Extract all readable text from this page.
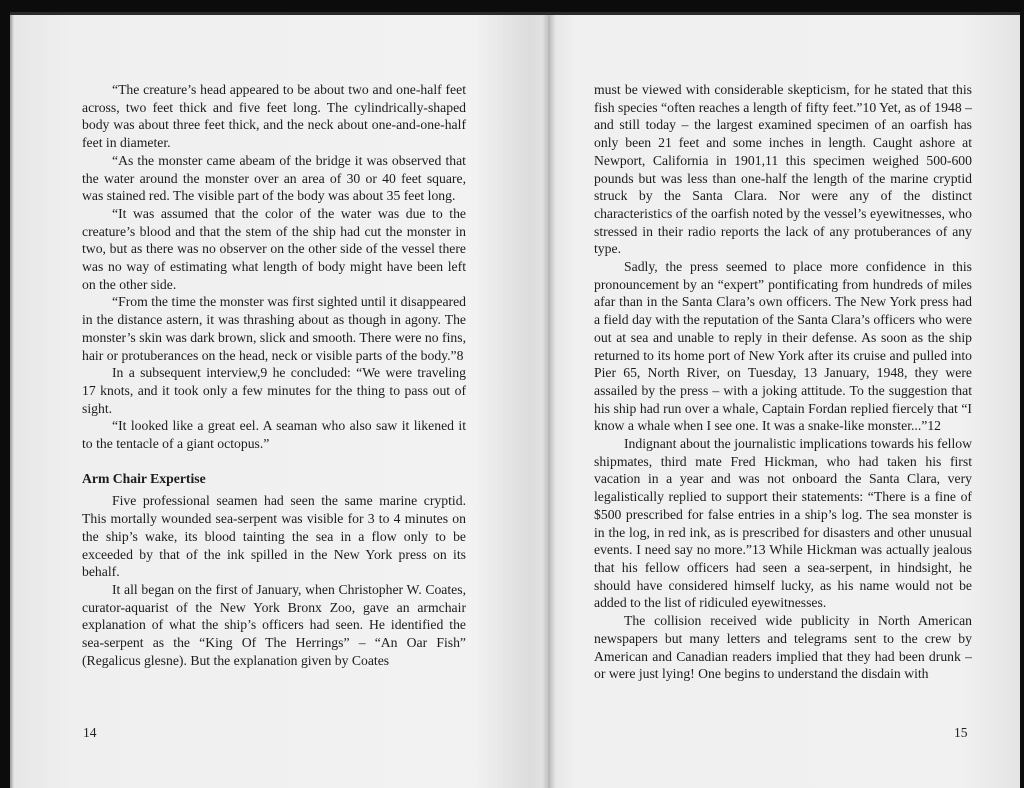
“The creature’s head appeared to be about two and one-half feet across, two feet thick and five feet long. The cylindrically-shaped body was about three feet thick, and the neck about one-and-one-half feet in diameter.

“As the monster came abeam of the bridge it was observed that the water around the monster over an area of 30 or 40 feet square, was stained red. The visible part of the body was about 35 feet long.

“It was assumed that the color of the water was due to the creature’s blood and that the stem of the ship had cut the monster in two, but as there was no observer on the other side of the vessel there was no way of estimating what length of body might have been left on the other side.

“From the time the monster was first sighted until it disappeared in the distance astern, it was thrashing about as though in agony. The monster’s skin was dark brown, slick and smooth. There were no fins, hair or protuberances on the head, neck or visible parts of the body.”8

In a subsequent interview,9 he concluded: “We were traveling 17 knots, and it took only a few minutes for the thing to pass out of sight.

“It looked like a great eel. A seaman who also saw it likened it to the tentacle of a giant octopus.”

Arm Chair Expertise

Five professional seamen had seen the same marine cryptid. This mortally wounded sea-serpent was visible for 3 to 4 minutes on the ship’s wake, its blood tainting the sea in a flow only to be exceeded by that of the ink spilled in the New York press on its behalf.

It all began on the first of January, when Christopher W. Coates, curator-aquarist of the New York Bronx Zoo, gave an armchair explanation of what the ship’s officers had seen. He identified the sea-serpent as the “King Of The Herrings” – “An Oar Fish” (Regalicus glesne). But the explanation given by Coates

14

must be viewed with considerable skepticism, for he stated that this fish species “often reaches a length of fifty feet.”10 Yet, as of 1948 – and still today – the largest examined specimen of an oarfish has only been 21 feet and some inches in length. Caught ashore at Newport, California in 1901,11 this specimen weighed 500-600 pounds but was less than one-half the length of the marine cryptid struck by the Santa Clara. Nor were any of the distinct characteristics of the oarfish noted by the vessel’s eyewitnesses, who stressed in their radio reports the lack of any protuberances of any type.

Sadly, the press seemed to place more confidence in this pronouncement by an “expert” pontificating from hundreds of miles afar than in the Santa Clara’s own officers. The New York press had a field day with the reputation of the Santa Clara’s officers who were out at sea and unable to reply in their defense. As soon as the ship returned to its home port of New York after its cruise and pulled into Pier 65, North River, on Tuesday, 13 January, 1948, they were assailed by the press – with a joking attitude. To the suggestion that his ship had run over a whale, Captain Fordan replied fiercely that “I know a whale when I see one. It was a snake-like monster...”12

Indignant about the journalistic implications towards his fellow shipmates, third mate Fred Hickman, who had taken his first vacation in a year and was not onboard the Santa Clara, very legalistically replied to support their statements: “There is a fine of $500 prescribed for false entries in a ship’s log. The sea monster is in the log, in red ink, as is prescribed for disasters and other unusual events. I need say no more.”13 While Hickman was actually jealous that his fellow officers had seen a sea-serpent, in hindsight, he should have considered himself lucky, as his name would not be added to the list of ridiculed eyewitnesses.

The collision received wide publicity in North American newspapers but many letters and telegrams sent to the crew by American and Canadian readers implied that they had been drunk – or were just lying! One begins to understand the disdain with

15
